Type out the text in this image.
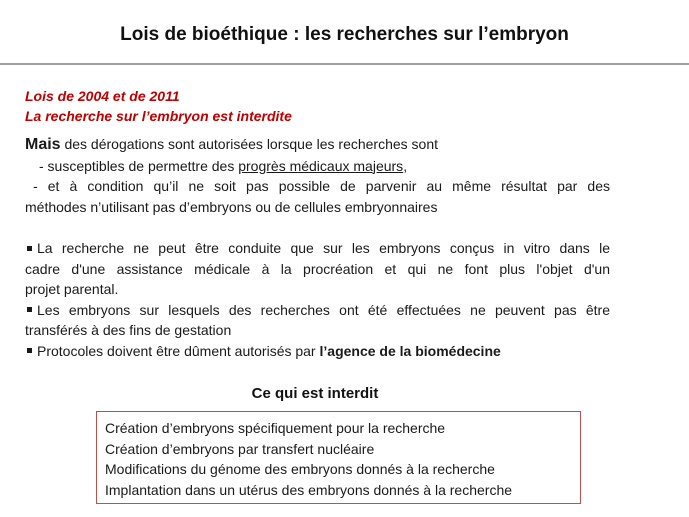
Lois de bioéthique : les recherches sur l’embryon
Lois de 2004 et de 2011
La recherche sur l’embryon est interdite
Mais des dérogations sont autorisées lorsque les recherches sont
- susceptibles de permettre des progrès médicaux majeurs,
- et à condition qu’il ne soit pas possible de parvenir au même résultat par des
méthodes n’utilisant pas d’embryons ou de cellules embryonnaires
La recherche ne peut être conduite que sur les embryons conçus in vitro dans le
cadre d'une assistance médicale à la procréation et qui ne font plus l'objet d'un
projet parental.
Les embryons sur lesquels des recherches ont été effectuées ne peuvent pas être
transférés à des fins de gestation
Protocoles doivent être dûment autorisés par l’agence de la biomédecine
Ce qui est interdit
Création d’embryons spécifiquement pour la recherche
Création d’embryons par transfert nucléaire
Modifications du génome des embryons donnés à la recherche
Implantation dans un utérus des embryons donnés à la recherche
